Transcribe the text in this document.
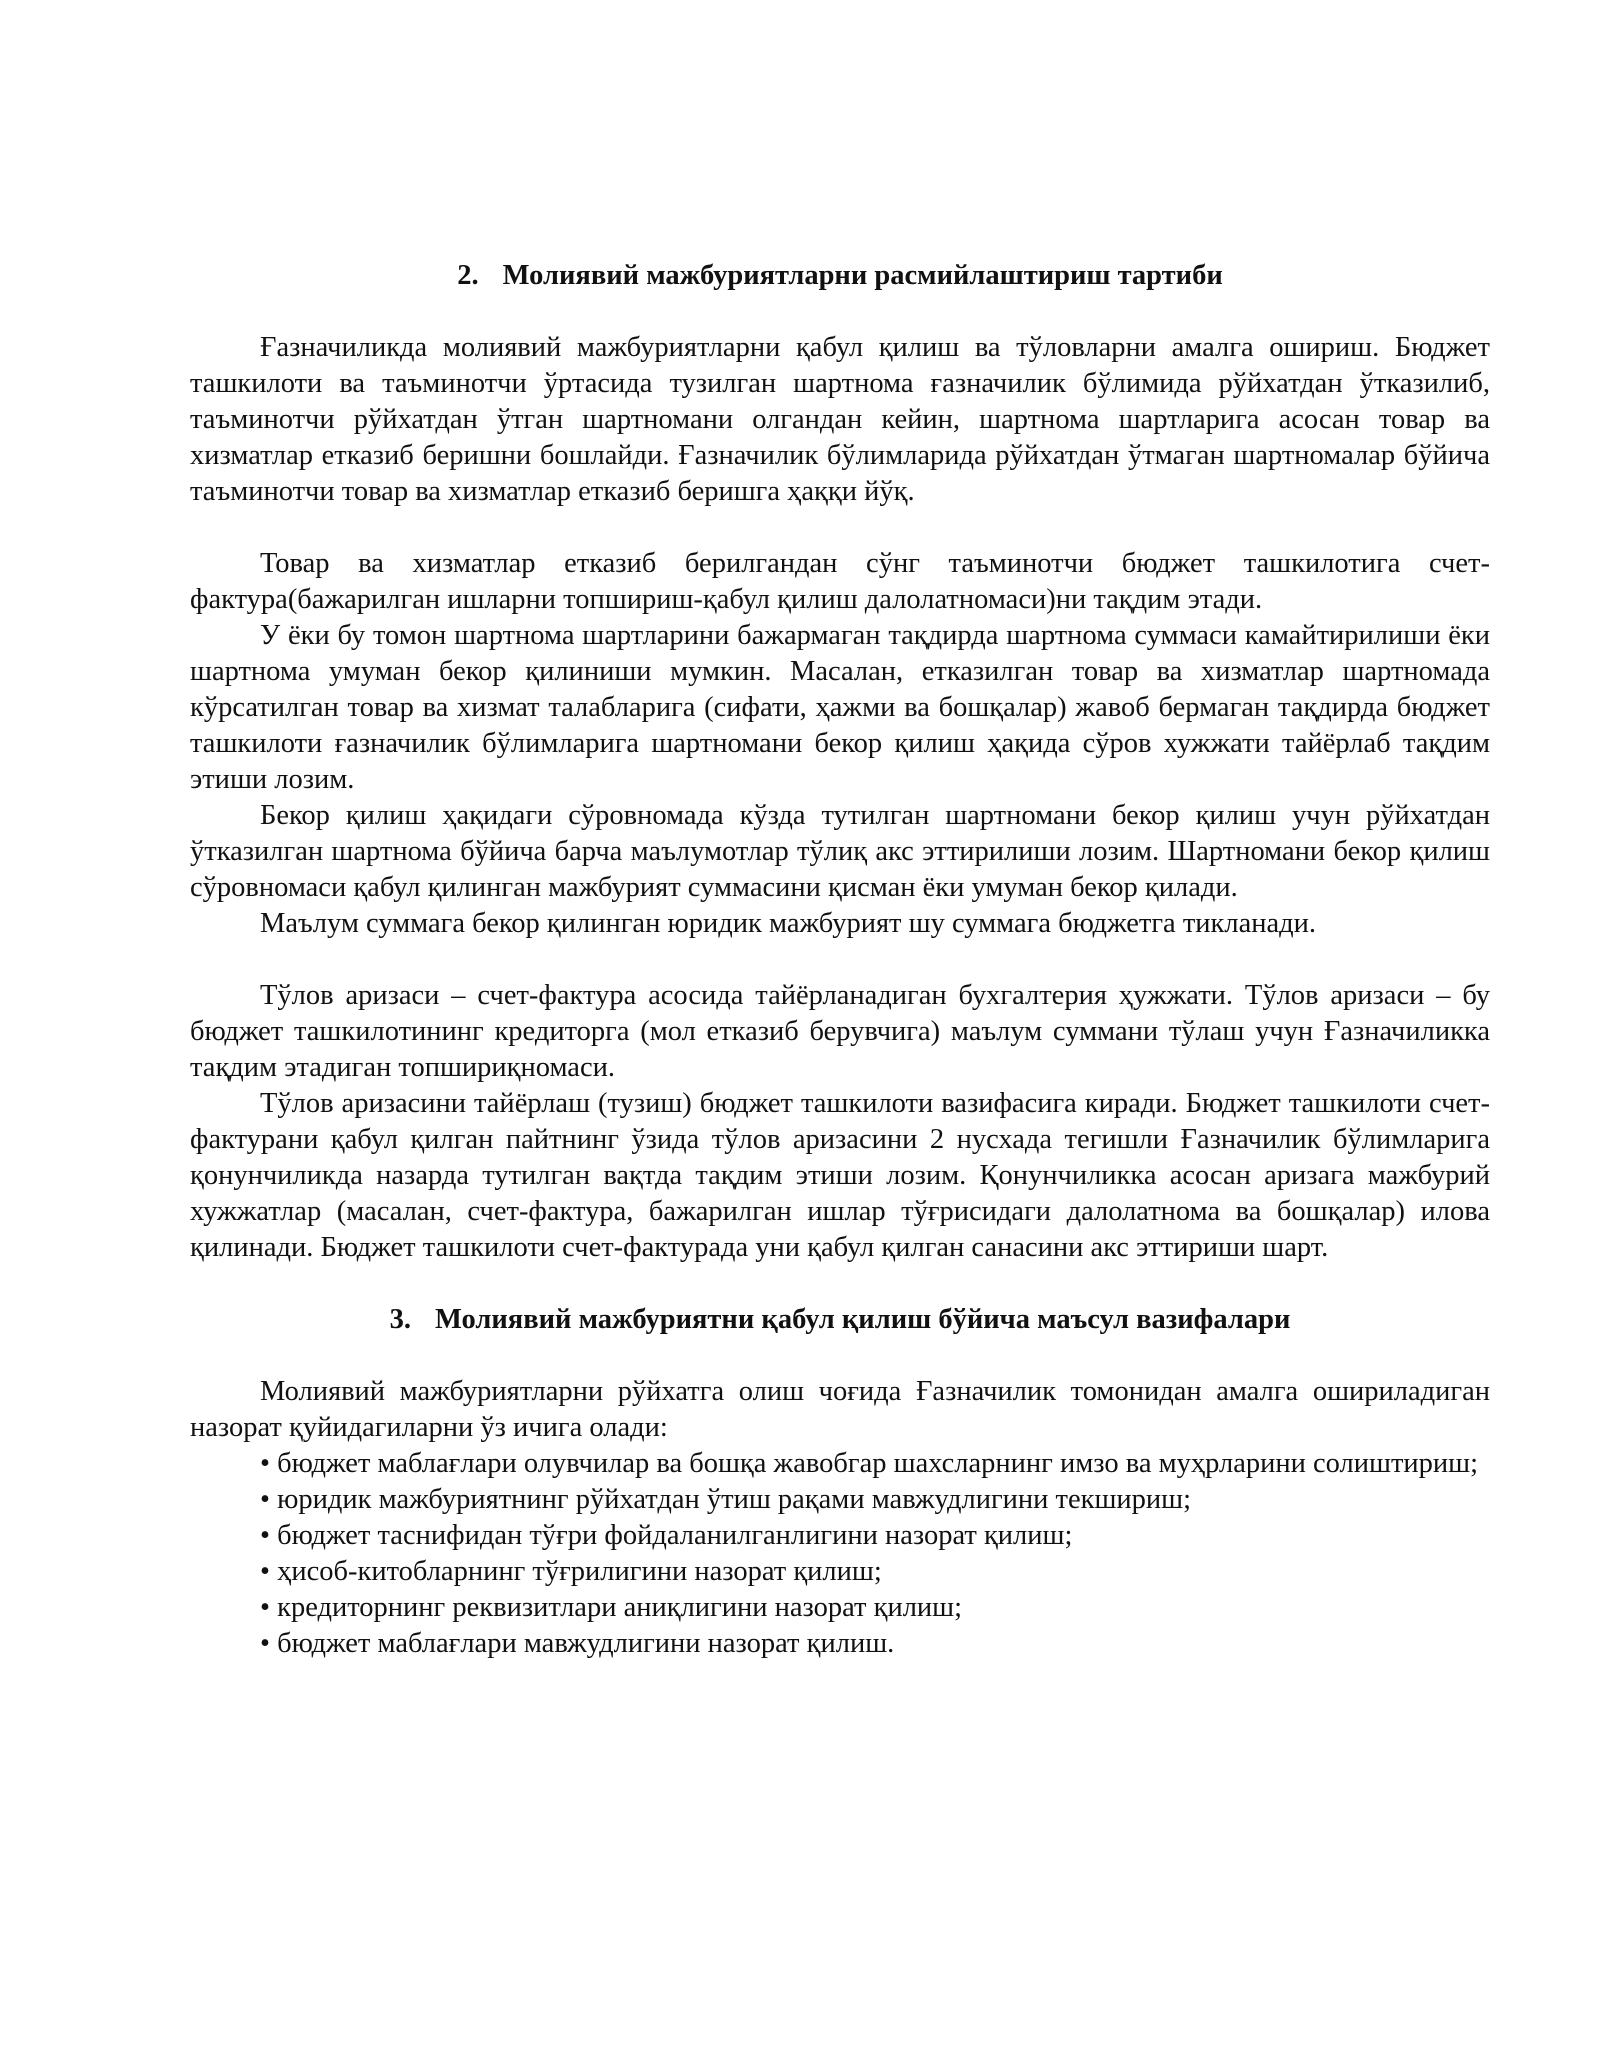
2. Молиявий мажбуриятларни расмийлаштириш тартиби

Ғазначиликда молиявий мажбуриятларни қабул қилиш ва тўловларни амалга ошириш. Бюджет ташкилоти ва таъминотчи ўртасида тузилган шартнома ғазначилик бўлимида рўйхатдан ўтказилиб, таъминотчи рўйхатдан ўтган шартномани олгандан кейин, шартнома шартларига асосан товар ва хизматлар етказиб беришни бошлайди. Ғазначилик бўлимларида рўйхатдан ўтмаган шартномалар бўйича таъминотчи товар ва хизматлар етказиб беришга ҳаққи йўқ.

Товар ва хизматлар етказиб берилгандан сўнг таъминотчи бюджет ташкилотига счет-фактура(бажарилган ишларни топшириш-қабул қилиш далолатномаси)ни тақдим этади.

У ёки бу томон шартнома шартларини бажармаган тақдирда шартнома суммаси камайтирилиши ёки шартнома умуман бекор қилиниши мумкин. Масалан, етказилган товар ва хизматлар шартномада кўрсатилган товар ва хизмат талабларига (сифати, ҳажми ва бошқалар) жавоб бермаган тақдирда бюджет ташкилоти ғазначилик бўлимларига шартномани бекор қилиш ҳақида сўров хужжати тайёрлаб тақдим этиши лозим.

Бекор қилиш ҳақидаги сўровномада кўзда тутилган шартномани бекор қилиш учун рўйхатдан ўтказилган шартнома бўйича барча маълумотлар тўлиқ акс эттирилиши лозим. Шартномани бекор қилиш сўровномаси қабул қилинган мажбурият суммасини қисман ёки умуман бекор қилади.

Маълум суммага бекор қилинган юридик мажбурият шу суммага бюджетга тикланади.

Тўлов аризаси – счет-фактура асосида тайёрланадиган бухгалтерия ҳужжати. Тўлов аризаси – бу бюджет ташкилотининг кредиторга (мол етказиб берувчига) маълум суммани тўлаш учун Ғазначиликка тақдим этадиган топшириқномаси.

Тўлов аризасини тайёрлаш (тузиш) бюджет ташкилоти вазифасига киради. Бюджет ташкилоти счет-фактурани қабул қилган пайтнинг ўзида тўлов аризасини 2 нусхада тегишли Ғазначилик бўлимларига қонунчиликда назарда тутилган вақтда тақдим этиши лозим. Қонунчиликка асосан аризага мажбурий хужжатлар (масалан, счет-фактура, бажарилган ишлар тўғрисидаги далолатнома ва бошқалар) илова қилинади. Бюджет ташкилоти счет-фактурада уни қабул қилган санасини акс эттириши шарт.

3. Молиявий мажбуриятни қабул қилиш бўйича маъсул вазифалари

Молиявий мажбуриятларни рўйхатга олиш чоғида Ғазначилик томонидан амалга ошириладиган назорат қуйидагиларни ўз ичига олади:

• бюджет маблағлари олувчилар ва бошқа жавобгар шахсларнинг имзо ва муҳрларини солиштириш;

• юридик мажбуриятнинг рўйхатдан ўтиш рақами мавжудлигини текшириш;

• бюджет таснифидан тўғри фойдаланилганлигини назорат қилиш;

• ҳисоб-китобларнинг тўғрилигини назорат қилиш;

• кредиторнинг реквизитлари аниқлигини назорат қилиш;

• бюджет маблағлари мавжудлигини назорат қилиш.
